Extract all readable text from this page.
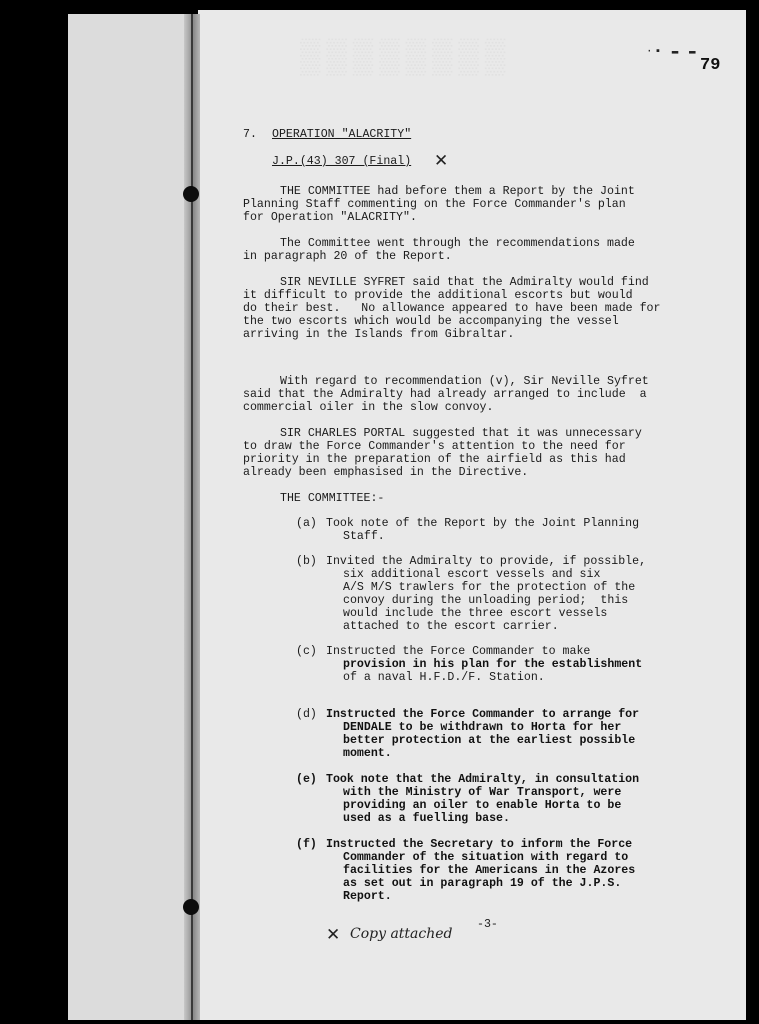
▒▒▒▒▒▒▒▒	·▪ ▬ ▬
79
7. OPERATION "ALACRITY"
J.P.(43) 307 (Final) ✕
THE COMMITTEE had before them a Report by the Joint
Planning Staff commenting on the Force Commander's plan
for Operation "ALACRITY".
The Committee went through the recommendations made
in paragraph 20 of the Report.
SIR NEVILLE SYFRET said that the Admiralty would find
it difficult to provide the additional escorts but would
do their best.   No allowance appeared to have been made for
the two escorts which would be accompanying the vessel
arriving in the Islands from Gibraltar.
With regard to recommendation (v), Sir Neville Syfret
said that the Admiralty had already arranged to include  a
commercial oiler in the slow convoy.
SIR CHARLES PORTAL suggested that it was unnecessary
to draw the Force Commander's attention to the need for
priority in the preparation of the airfield as this had
already been emphasised in the Directive.
THE COMMITTEE:-
(a) Took note of the Report by the Joint Planning
Staff.
(b) Invited the Admiralty to provide, if possible,
six additional escort vessels and six
A/S M/S trawlers for the protection of the
convoy during the unloading period;  this
would include the three escort vessels
attached to the escort carrier.
(c) Instructed the Force Commander to make
provision in his plan for the establishment
of a naval H.F.D./F. Station.
(d) Instructed the Force Commander to arrange for
DENDALE to be withdrawn to Horta for her
better protection at the earliest possible
moment.
(e) Took note that the Admiralty, in consultation
with the Ministry of War Transport, were
providing an oiler to enable Horta to be
used as a fuelling base.
(f) Instructed the Secretary to inform the Force
Commander of the situation with regard to
facilities for the Americans in the Azores
as set out in paragraph 19 of the J.P.S.
Report.
✕ Copy attached
-3-
